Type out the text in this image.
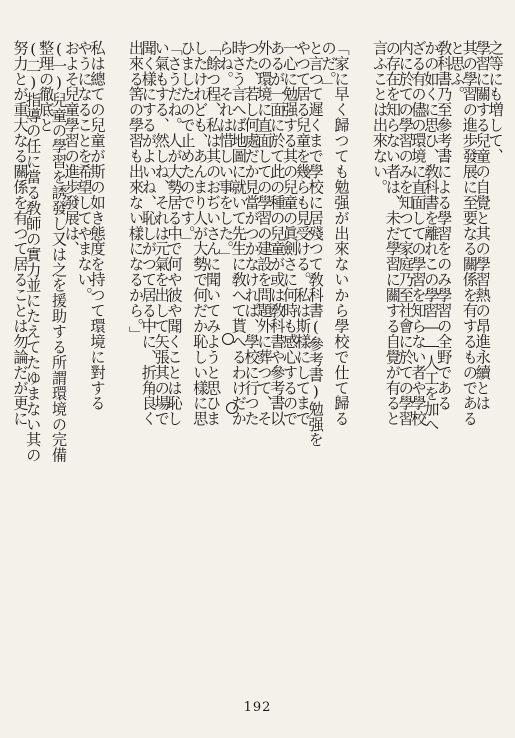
之等にも増して、
學習に關する兒童の自覺と其の學習熱の昂進永續とは
其の學習の進歩發展に至要なる關係を有するものである
と思ふ。
敎科書乃至參考書による學習をのみ學習の全野である
かの如くに思ひ、敎科書を離れこの學習――人工を加へ
ざる有の儘の環境に直面しての學習を知らない者や學校
内に於ての學習のみを知つて家庭乃至社會に於ての學習
の存在を知らない者は、未だ學習に關する自覺が有ると
言ふことは出來ない。
「家に早く歸つても勉强が出來ないから學校で仕て歸る
のだ。」
と言つて遲くまで學校に居殘つて敎科書(參考書)勉强を
やつて居る兒童を幾らも見受ける。私は斯樣にしてまで
一心に勉强する其の兒童の眞劍さに何時も感心するので
あるが一面に於て此の種の兒童が或は敎科書や參考書以
外の環境に直面しての學習の建設を問題外に葬つて、そ
つた、若し何處だか見當がつかなければ、學校に行つた
時さう言へば地圖に就いて先生に敎へて貰へるわけだか
らね。それは惜しい事をした。」
「餘つ程、私は其のおぢいさんに聞いてみようと思ひま
したけれども、あんまり人が大勢で何だか恥しい樣に思
ひましたので止めたのです。」
「さうだね。人が大勢居る中で何や彼や聞くことは恥し
い氣もする、然しね、それは元氣を出して矢張其の場で
聞く樣にするがよいね、恥しがつて居る中に、折角良く
出來る筈の學習も出來ない樣になるから。」
私は總ての兒童が斯の如き態度を持つて環境に對する
やうになることを希望してやまない。
およそ兒童學習の進歩發展は、
(一)兒童の學習を誘發し又は之を援助する所謂環境の完備
整理の徹底と
(二)指導の任に當る敎師の實力並にたえてたゆまない其の
努力とが重大なる關係を有つて居ることは勿論だが更に
192
